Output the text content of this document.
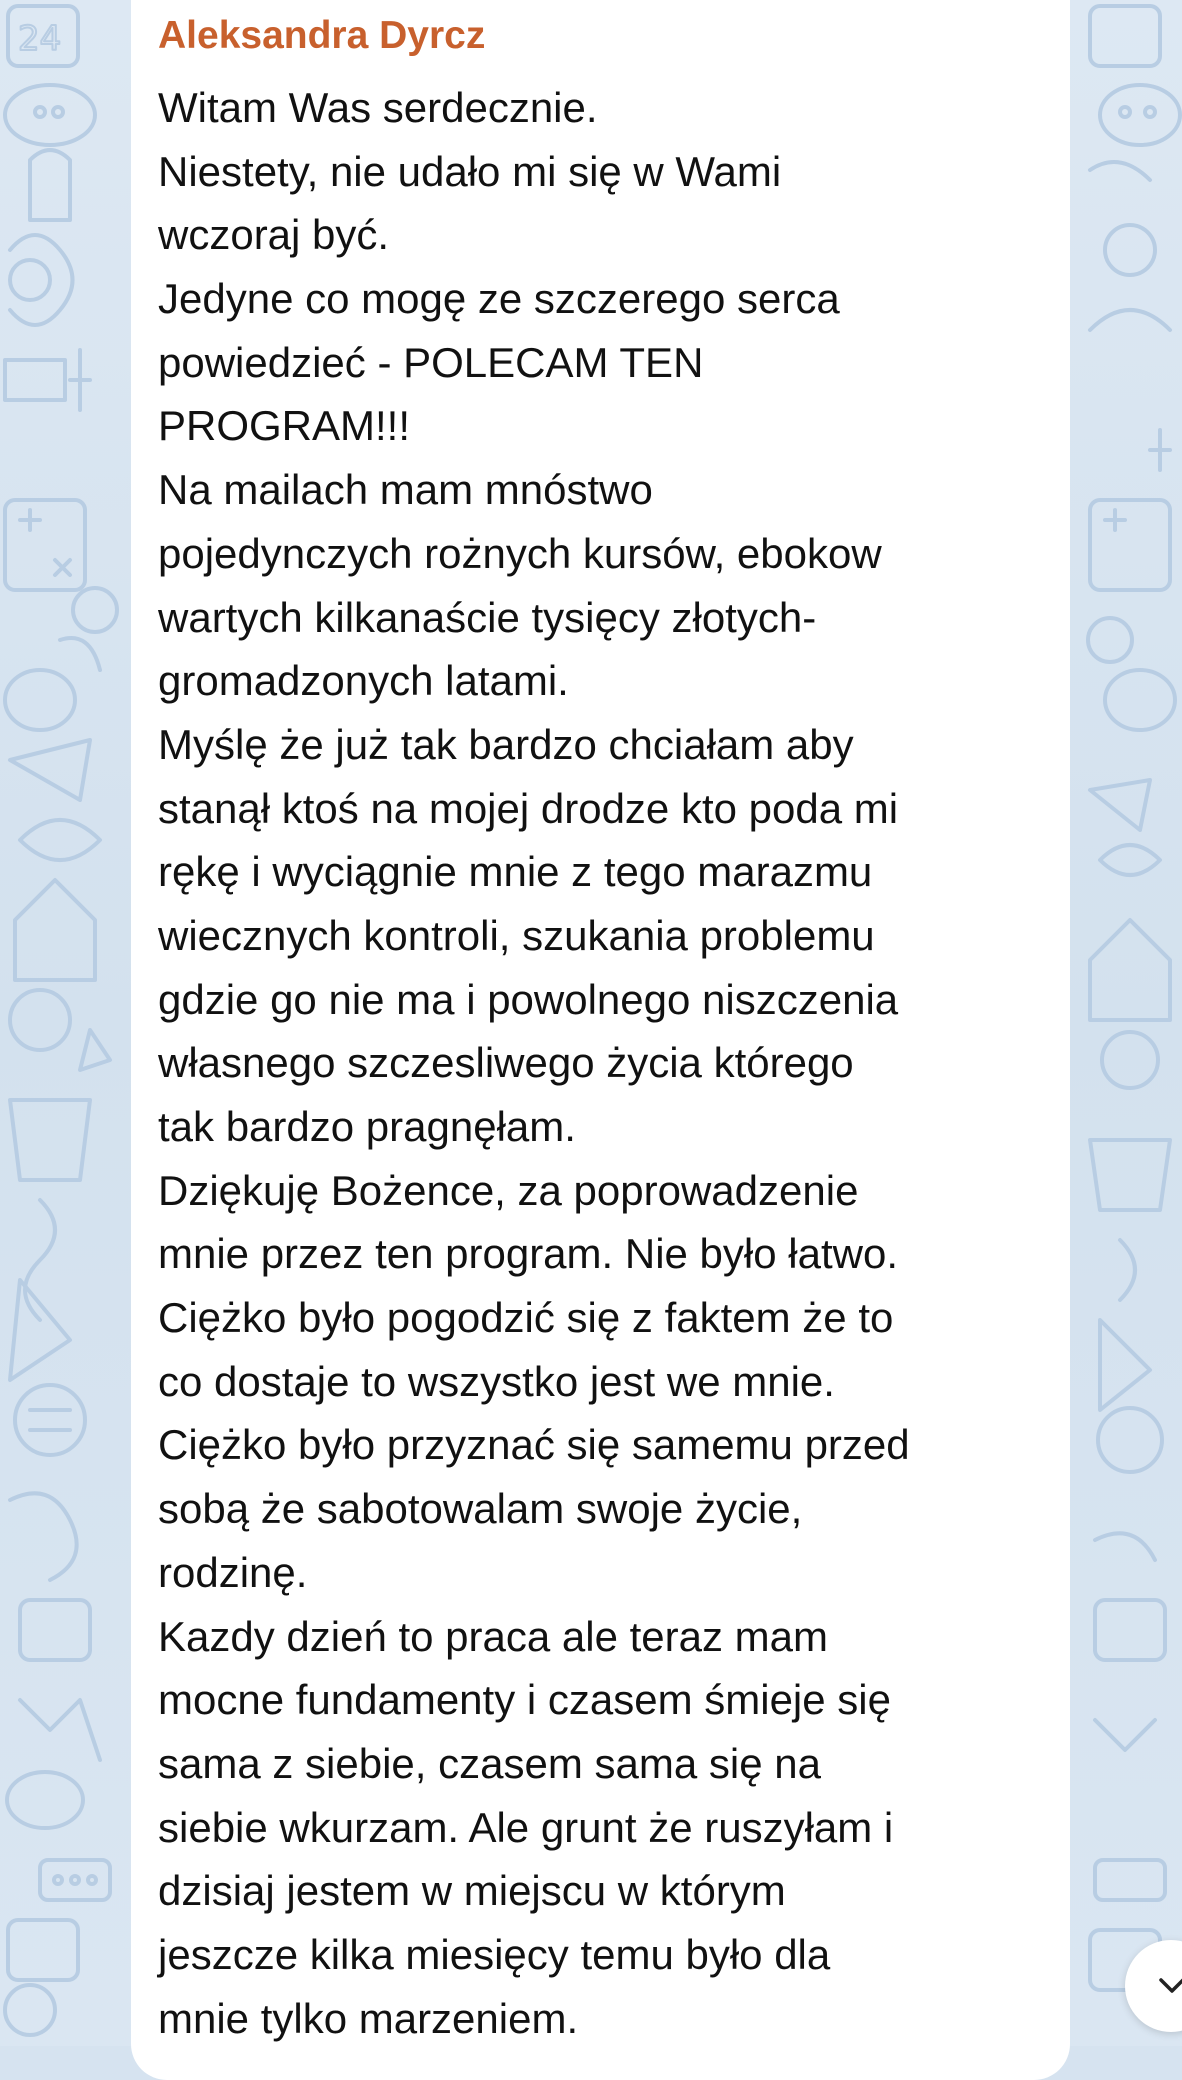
24 Aleksandra Dyrcz
Witam Was serdecznie.
Niestety, nie udało mi się w Wami
wczoraj być.
Jedyne co mogę ze szczerego serca
powiedzieć - POLECAM TEN
PROGRAM!!!
Na mailach mam mnóstwo
pojedynczych rożnych kursów, ebokow
wartych kilkanaście tysięcy złotych-
gromadzonych latami.
Myślę że już tak bardzo chciałam aby
stanął ktoś na mojej drodze kto poda mi
rękę i wyciągnie mnie z tego marazmu
wiecznych kontroli, szukania problemu
gdzie go nie ma i powolnego niszczenia
własnego szczesliwego życia którego
tak bardzo pragnęłam.
Dziękuję Bożence, za poprowadzenie
mnie przez ten program. Nie było łatwo.
Ciężko było pogodzić się z faktem że to
co dostaje to wszystko jest we mnie.
Ciężko było przyznać się samemu przed
sobą że sabotowalam swoje życie,
rodzinę.
Kazdy dzień to praca ale teraz mam
mocne fundamenty i czasem śmieje się
sama z siebie, czasem sama się na
siebie wkurzam. Ale grunt że ruszyłam i
dzisiaj jestem w miejscu w którym
jeszcze kilka miesięcy temu było dla
mnie tylko marzeniem.
